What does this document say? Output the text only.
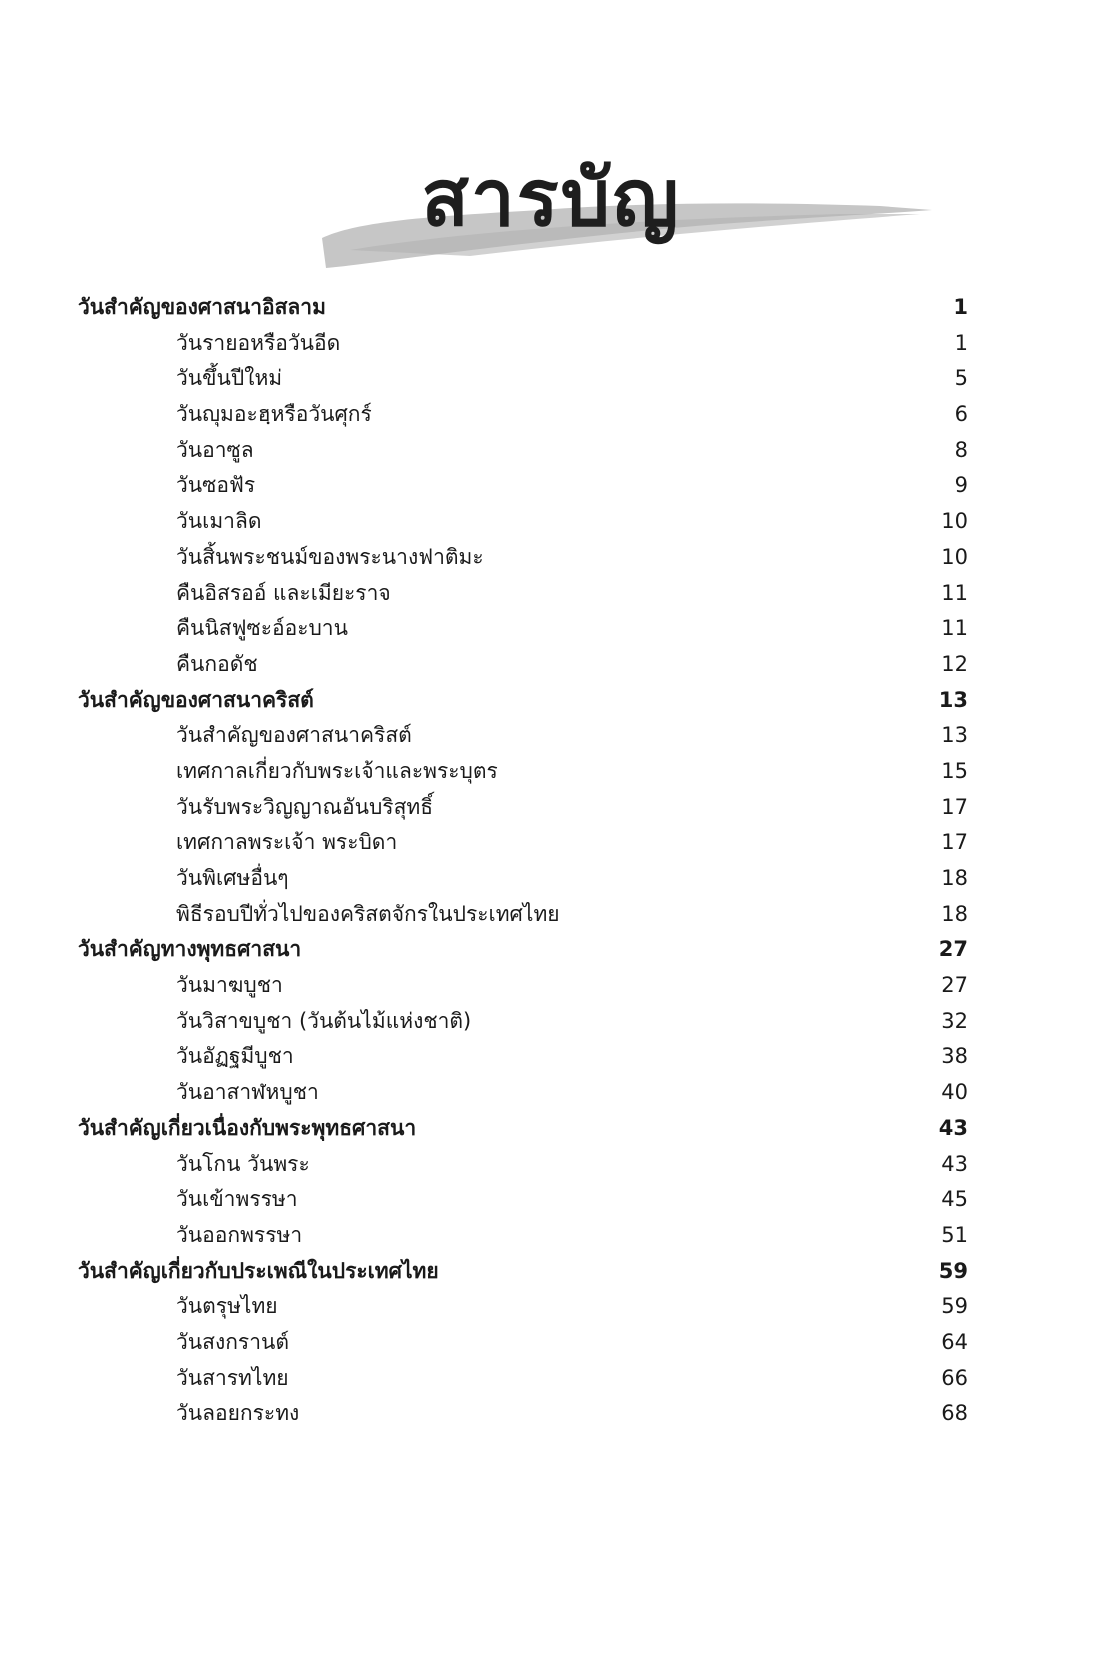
สารบัญ
วันสำคัญของศาสนาอิสลาม	1
วันรายอหรือวันอีด	1
วันขึ้นปีใหม่	5
วันญุมอะฮฺหรือวันศุกร์	6
วันอาซูล	8
วันซอฟัร	9
วันเมาลิด	10
วันสิ้นพระชนม์ของพระนางฟาติมะ	10
คืนอิสรออ์ และเมียะราจ	11
คืนนิสฟูซะอ์อะบาน	11
คืนกอดัช	12
วันสำคัญของศาสนาคริสต์	13
วันสำคัญของศาสนาคริสต์	13
เทศกาลเกี่ยวกับพระเจ้าและพระบุตร	15
วันรับพระวิญญาณอันบริสุทธิ์	17
เทศกาลพระเจ้า พระบิดา	17
วันพิเศษอื่นๆ	18
พิธีรอบปีทั่วไปของคริสตจักรในประเทศไทย	18
วันสำคัญทางพุทธศาสนา	27
วันมาฆบูชา	27
วันวิสาขบูชา (วันต้นไม้แห่งชาติ)	32
วันอัฏฐมีบูชา	38
วันอาสาฬหบูชา	40
วันสำคัญเกี่ยวเนื่องกับพระพุทธศาสนา	43
วันโกน วันพระ	43
วันเข้าพรรษา	45
วันออกพรรษา	51
วันสำคัญเกี่ยวกับประเพณีในประเทศไทย	59
วันตรุษไทย	59
วันสงกรานต์	64
วันสารทไทย	66
วันลอยกระทง	68
